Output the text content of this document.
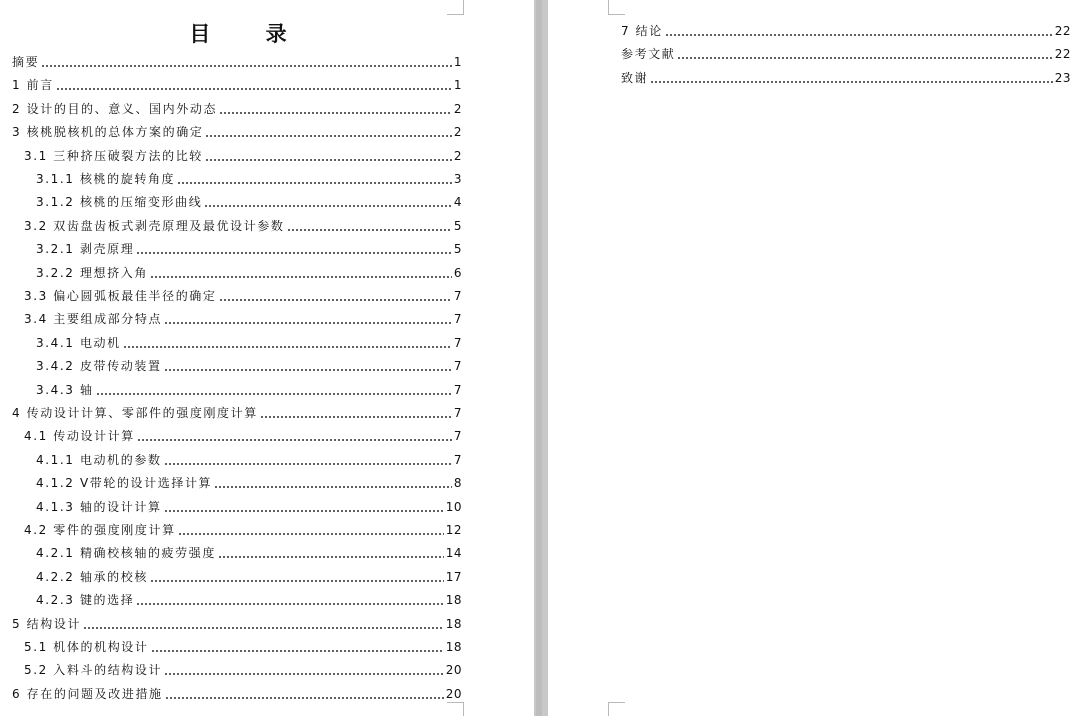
目 录
摘要	1
1 前言	1
2 设计的目的、意义、国内外动态	2
3 核桃脱核机的总体方案的确定	2
3.1 三种挤压破裂方法的比较	2
3.1.1 核桃的旋转角度	3
3.1.2 核桃的压缩变形曲线	4
3.2 双齿盘齿板式剥壳原理及最优设计参数	5
3.2.1 剥壳原理	5
3.2.2 理想挤入角	6
3.3 偏心圆弧板最佳半径的确定	7
3.4 主要组成部分特点	7
3.4.1 电动机	7
3.4.2 皮带传动装置	7
3.4.3 轴	7
4 传动设计计算、零部件的强度刚度计算	7
4.1 传动设计计算	7
4.1.1 电动机的参数	7
4.1.2 V带轮的设计选择计算	8
4.1.3 轴的设计计算	10
4.2 零件的强度刚度计算	12
4.2.1 精确校核轴的疲劳强度	14
4.2.2 轴承的校核	17
4.2.3 键的选择	18
5 结构设计	18
5.1 机体的机构设计	18
5.2 入料斗的结构设计	20
6 存在的问题及改进措施	20
7 结论	22
参考文献	22
致谢	23
